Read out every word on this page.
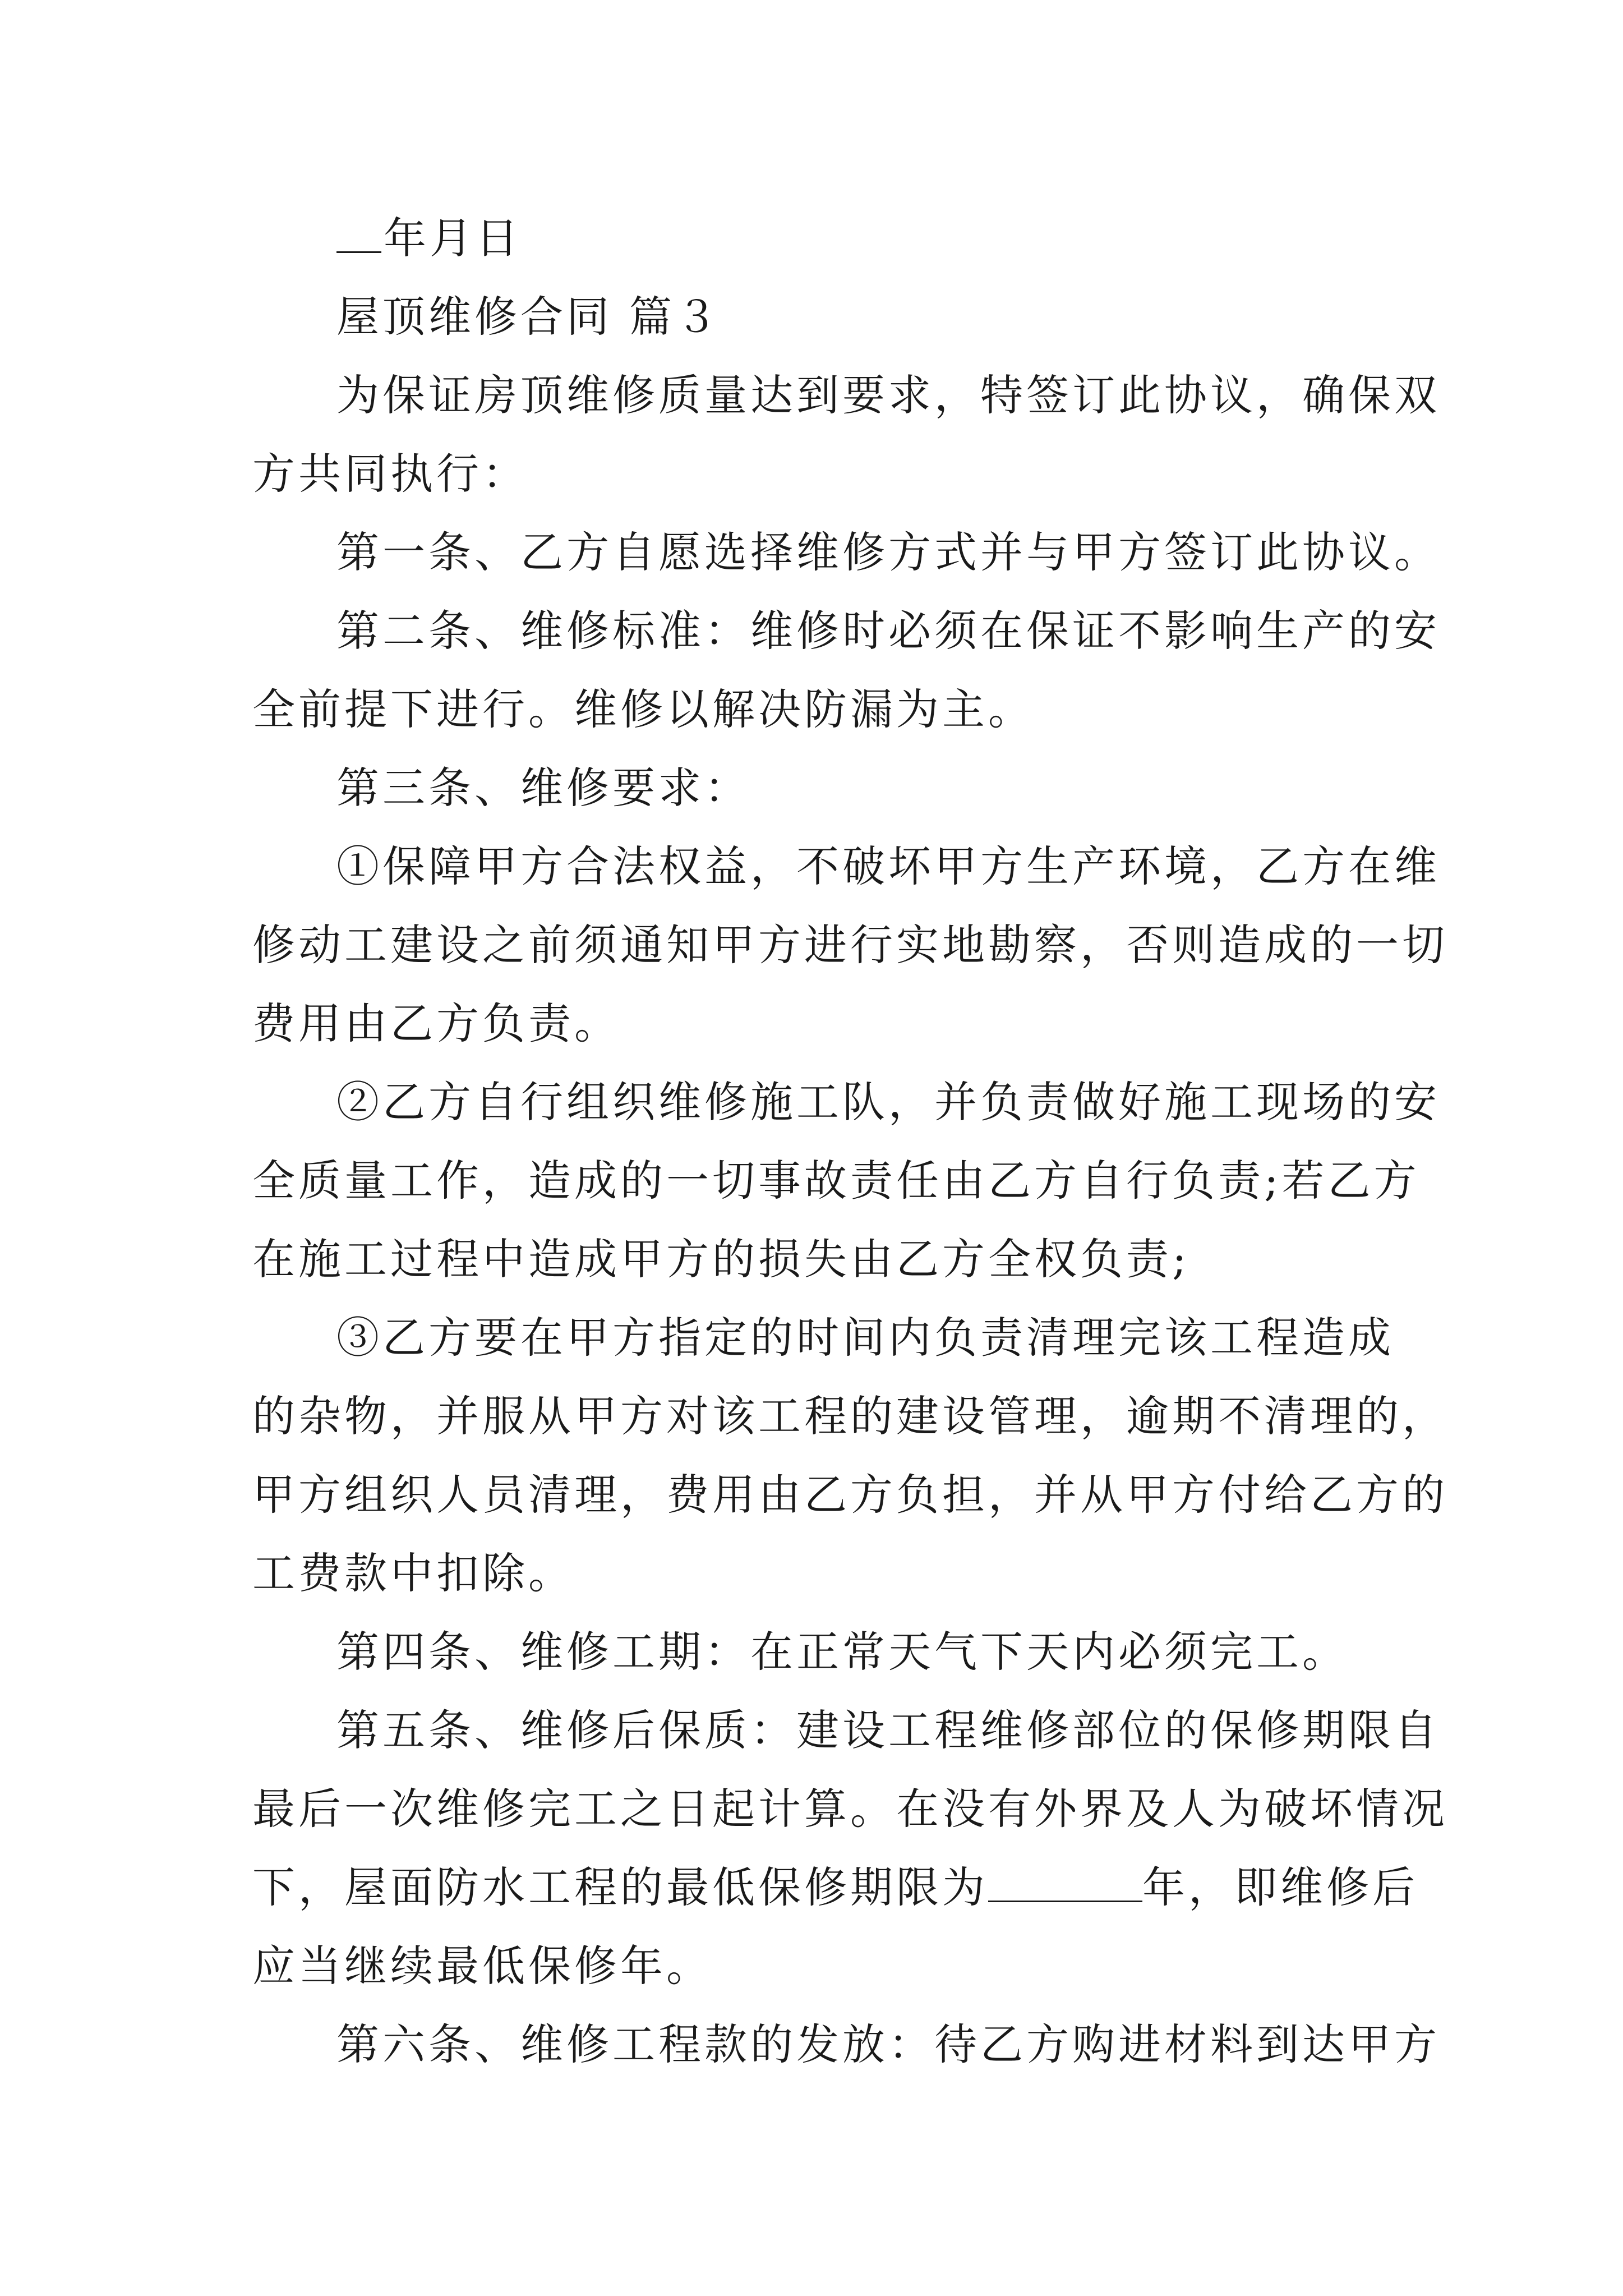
年月日
屋顶维修合同 篇３
为保证房顶维修质量达到要求，特签订此协议，确保双
方共同执行：
第一条、乙方自愿选择维修方式并与甲方签订此协议。
第二条、维修标准：维修时必须在保证不影响生产的安
全前提下进行。维修以解决防漏为主。
第三条、维修要求：
①保障甲方合法权益，不破坏甲方生产环境，乙方在维
修动工建设之前须通知甲方进行实地勘察，否则造成的一切
费用由乙方负责。
②乙方自行组织维修施工队，并负责做好施工现场的安
全质量工作，造成的一切事故责任由乙方自行负责;若乙方
在施工过程中造成甲方的损失由乙方全权负责;
③乙方要在甲方指定的时间内负责清理完该工程造成
的杂物，并服从甲方对该工程的建设管理，逾期不清理的，
甲方组织人员清理，费用由乙方负担，并从甲方付给乙方的
工费款中扣除。
第四条、维修工期：在正常天气下天内必须完工。
第五条、维修后保质：建设工程维修部位的保修期限自
最后一次维修完工之日起计算。在没有外界及人为破坏情况
下，屋面防水工程的最低保修期限为	年，即维修后
应当继续最低保修年。
第六条、维修工程款的发放：待乙方购进材料到达甲方
